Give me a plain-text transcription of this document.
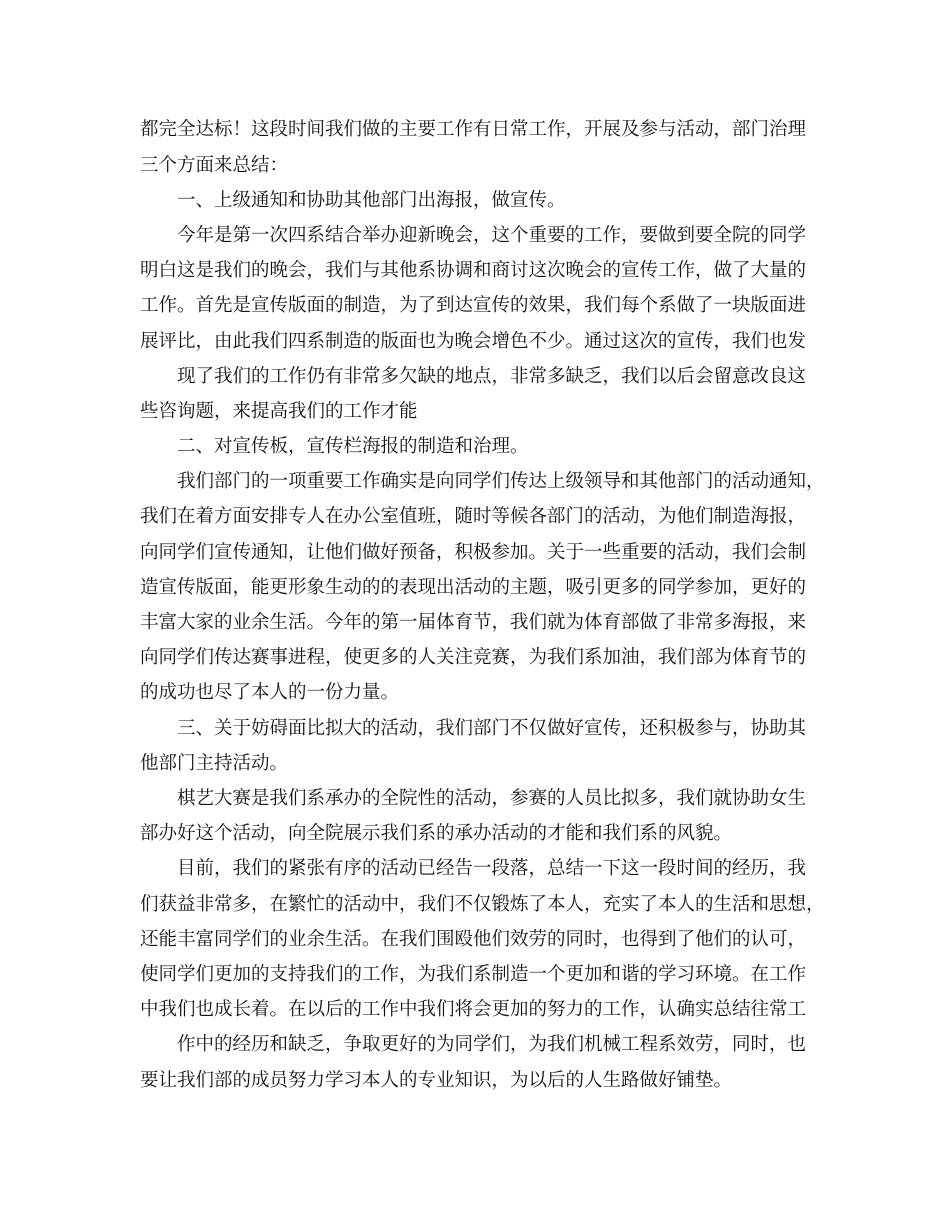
都完全达标！这段时间我们做的主要工作有日常工作，开展及参与活动，部门治理
三个方面来总结：
一、上级通知和协助其他部门出海报，做宣传。
今年是第一次四系结合举办迎新晚会，这个重要的工作，要做到要全院的同学
明白这是我们的晚会，我们与其他系协调和商讨这次晚会的宣传工作，做了大量的
工作。首先是宣传版面的制造，为了到达宣传的效果，我们每个系做了一块版面进
展评比，由此我们四系制造的版面也为晚会增色不少。通过这次的宣传，我们也发
现了我们的工作仍有非常多欠缺的地点，非常多缺乏，我们以后会留意改良这
些咨询题，来提高我们的工作才能
二、对宣传板，宣传栏海报的制造和治理。
我们部门的一项重要工作确实是向同学们传达上级领导和其他部门的活动通知，
我们在着方面安排专人在办公室值班，随时等候各部门的活动，为他们制造海报，
向同学们宣传通知，让他们做好预备，积极参加。关于一些重要的活动，我们会制
造宣传版面，能更形象生动的的表现出活动的主题，吸引更多的同学参加，更好的
丰富大家的业余生活。今年的第一届体育节，我们就为体育部做了非常多海报，来
向同学们传达赛事进程，使更多的人关注竞赛，为我们系加油，我们部为体育节的
的成功也尽了本人的一份力量。
三、关于妨碍面比拟大的活动，我们部门不仅做好宣传，还积极参与，协助其
他部门主持活动。
棋艺大赛是我们系承办的全院性的活动，参赛的人员比拟多，我们就协助女生
部办好这个活动，向全院展示我们系的承办活动的才能和我们系的风貌。
目前，我们的紧张有序的活动已经告一段落，总结一下这一段时间的经历，我
们获益非常多，在繁忙的活动中，我们不仅锻炼了本人，充实了本人的生活和思想，
还能丰富同学们的业余生活。在我们围殴他们效劳的同时，也得到了他们的认可，
使同学们更加的支持我们的工作，为我们系制造一个更加和谐的学习环境。在工作
中我们也成长着。在以后的工作中我们将会更加的努力的工作，认确实总结往常工
作中的经历和缺乏，争取更好的为同学们，为我们机械工程系效劳，同时，也
要让我们部的成员努力学习本人的专业知识，为以后的人生路做好铺垫。
